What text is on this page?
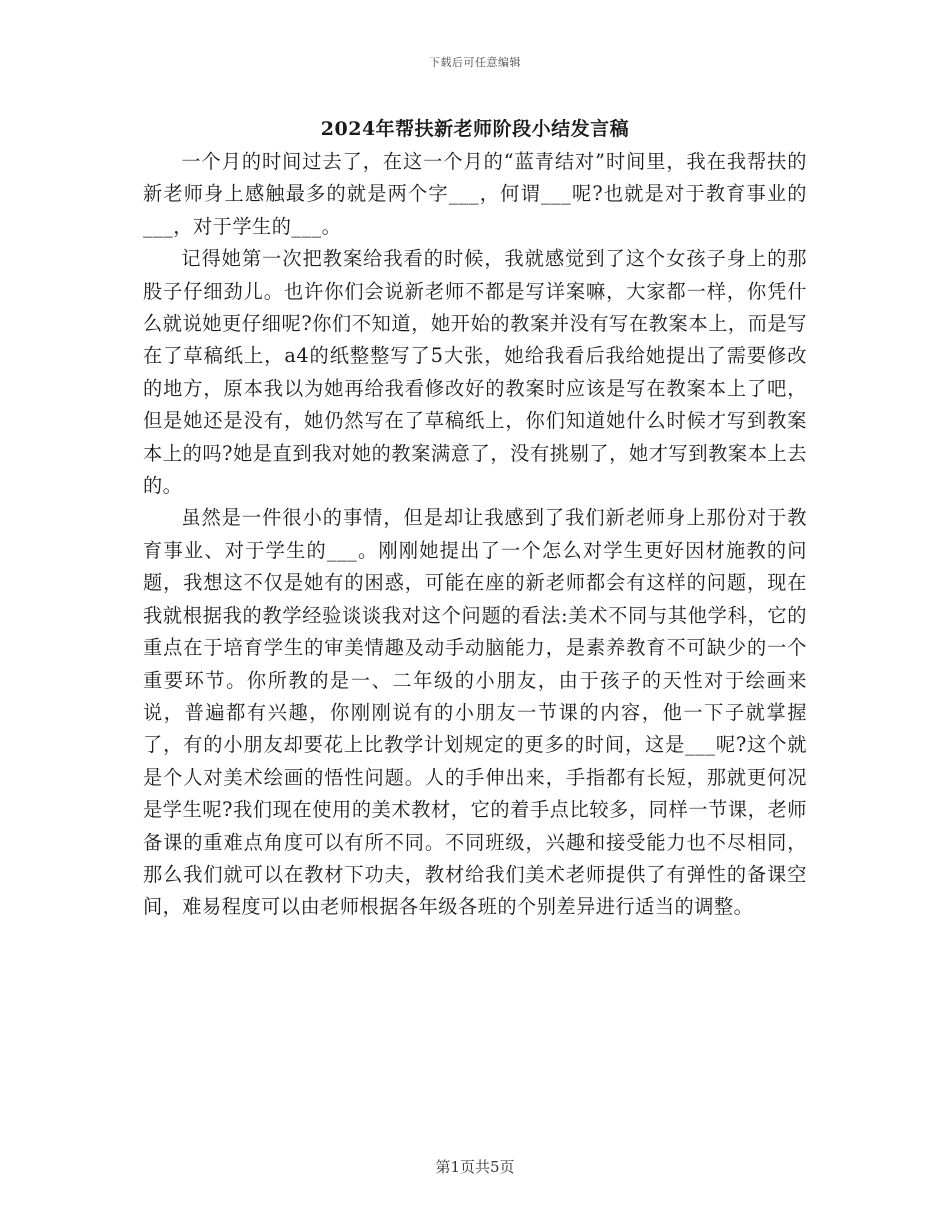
下载后可任意编辑
2024年帮扶新老师阶段小结发言稿

一个月的时间过去了，在这一个月的“蓝青结对”时间里，我在我帮扶的新老师身上感触最多的就是两个字___，何谓___呢?也就是对于教育事业的___，对于学生的___。

记得她第一次把教案给我看的时候，我就感觉到了这个女孩子身上的那股子仔细劲儿。也许你们会说新老师不都是写详案嘛，大家都一样，你凭什么就说她更仔细呢?你们不知道，她开始的教案并没有写在教案本上，而是写在了草稿纸上，a4的纸整整写了5大张，她给我看后我给她提出了需要修改的地方，原本我以为她再给我看修改好的教案时应该是写在教案本上了吧，但是她还是没有，她仍然写在了草稿纸上，你们知道她什么时候才写到教案本上的吗?她是直到我对她的教案满意了，没有挑剔了，她才写到教案本上去的。

虽然是一件很小的事情，但是却让我感到了我们新老师身上那份对于教育事业、对于学生的___。刚刚她提出了一个怎么对学生更好因材施教的问题，我想这不仅是她有的困惑，可能在座的新老师都会有这样的问题，现在我就根据我的教学经验谈谈我对这个问题的看法:美术不同与其他学科，它的重点在于培育学生的审美情趣及动手动脑能力，是素养教育不可缺少的一个重要环节。你所教的是一、二年级的小朋友，由于孩子的天性对于绘画来说，普遍都有兴趣，你刚刚说有的小朋友一节课的内容，他一下子就掌握了，有的小朋友却要花上比教学计划规定的更多的时间，这是___呢?这个就是个人对美术绘画的悟性问题。人的手伸出来，手指都有长短，那就更何况是学生呢?我们现在使用的美术教材，它的着手点比较多，同样一节课，老师备课的重难点角度可以有所不同。不同班级，兴趣和接受能力也不尽相同，那么我们就可以在教材下功夫，教材给我们美术老师提供了有弹性的备课空间，难易程度可以由老师根据各年级各班的个别差异进行适当的调整。

第1页共5页
